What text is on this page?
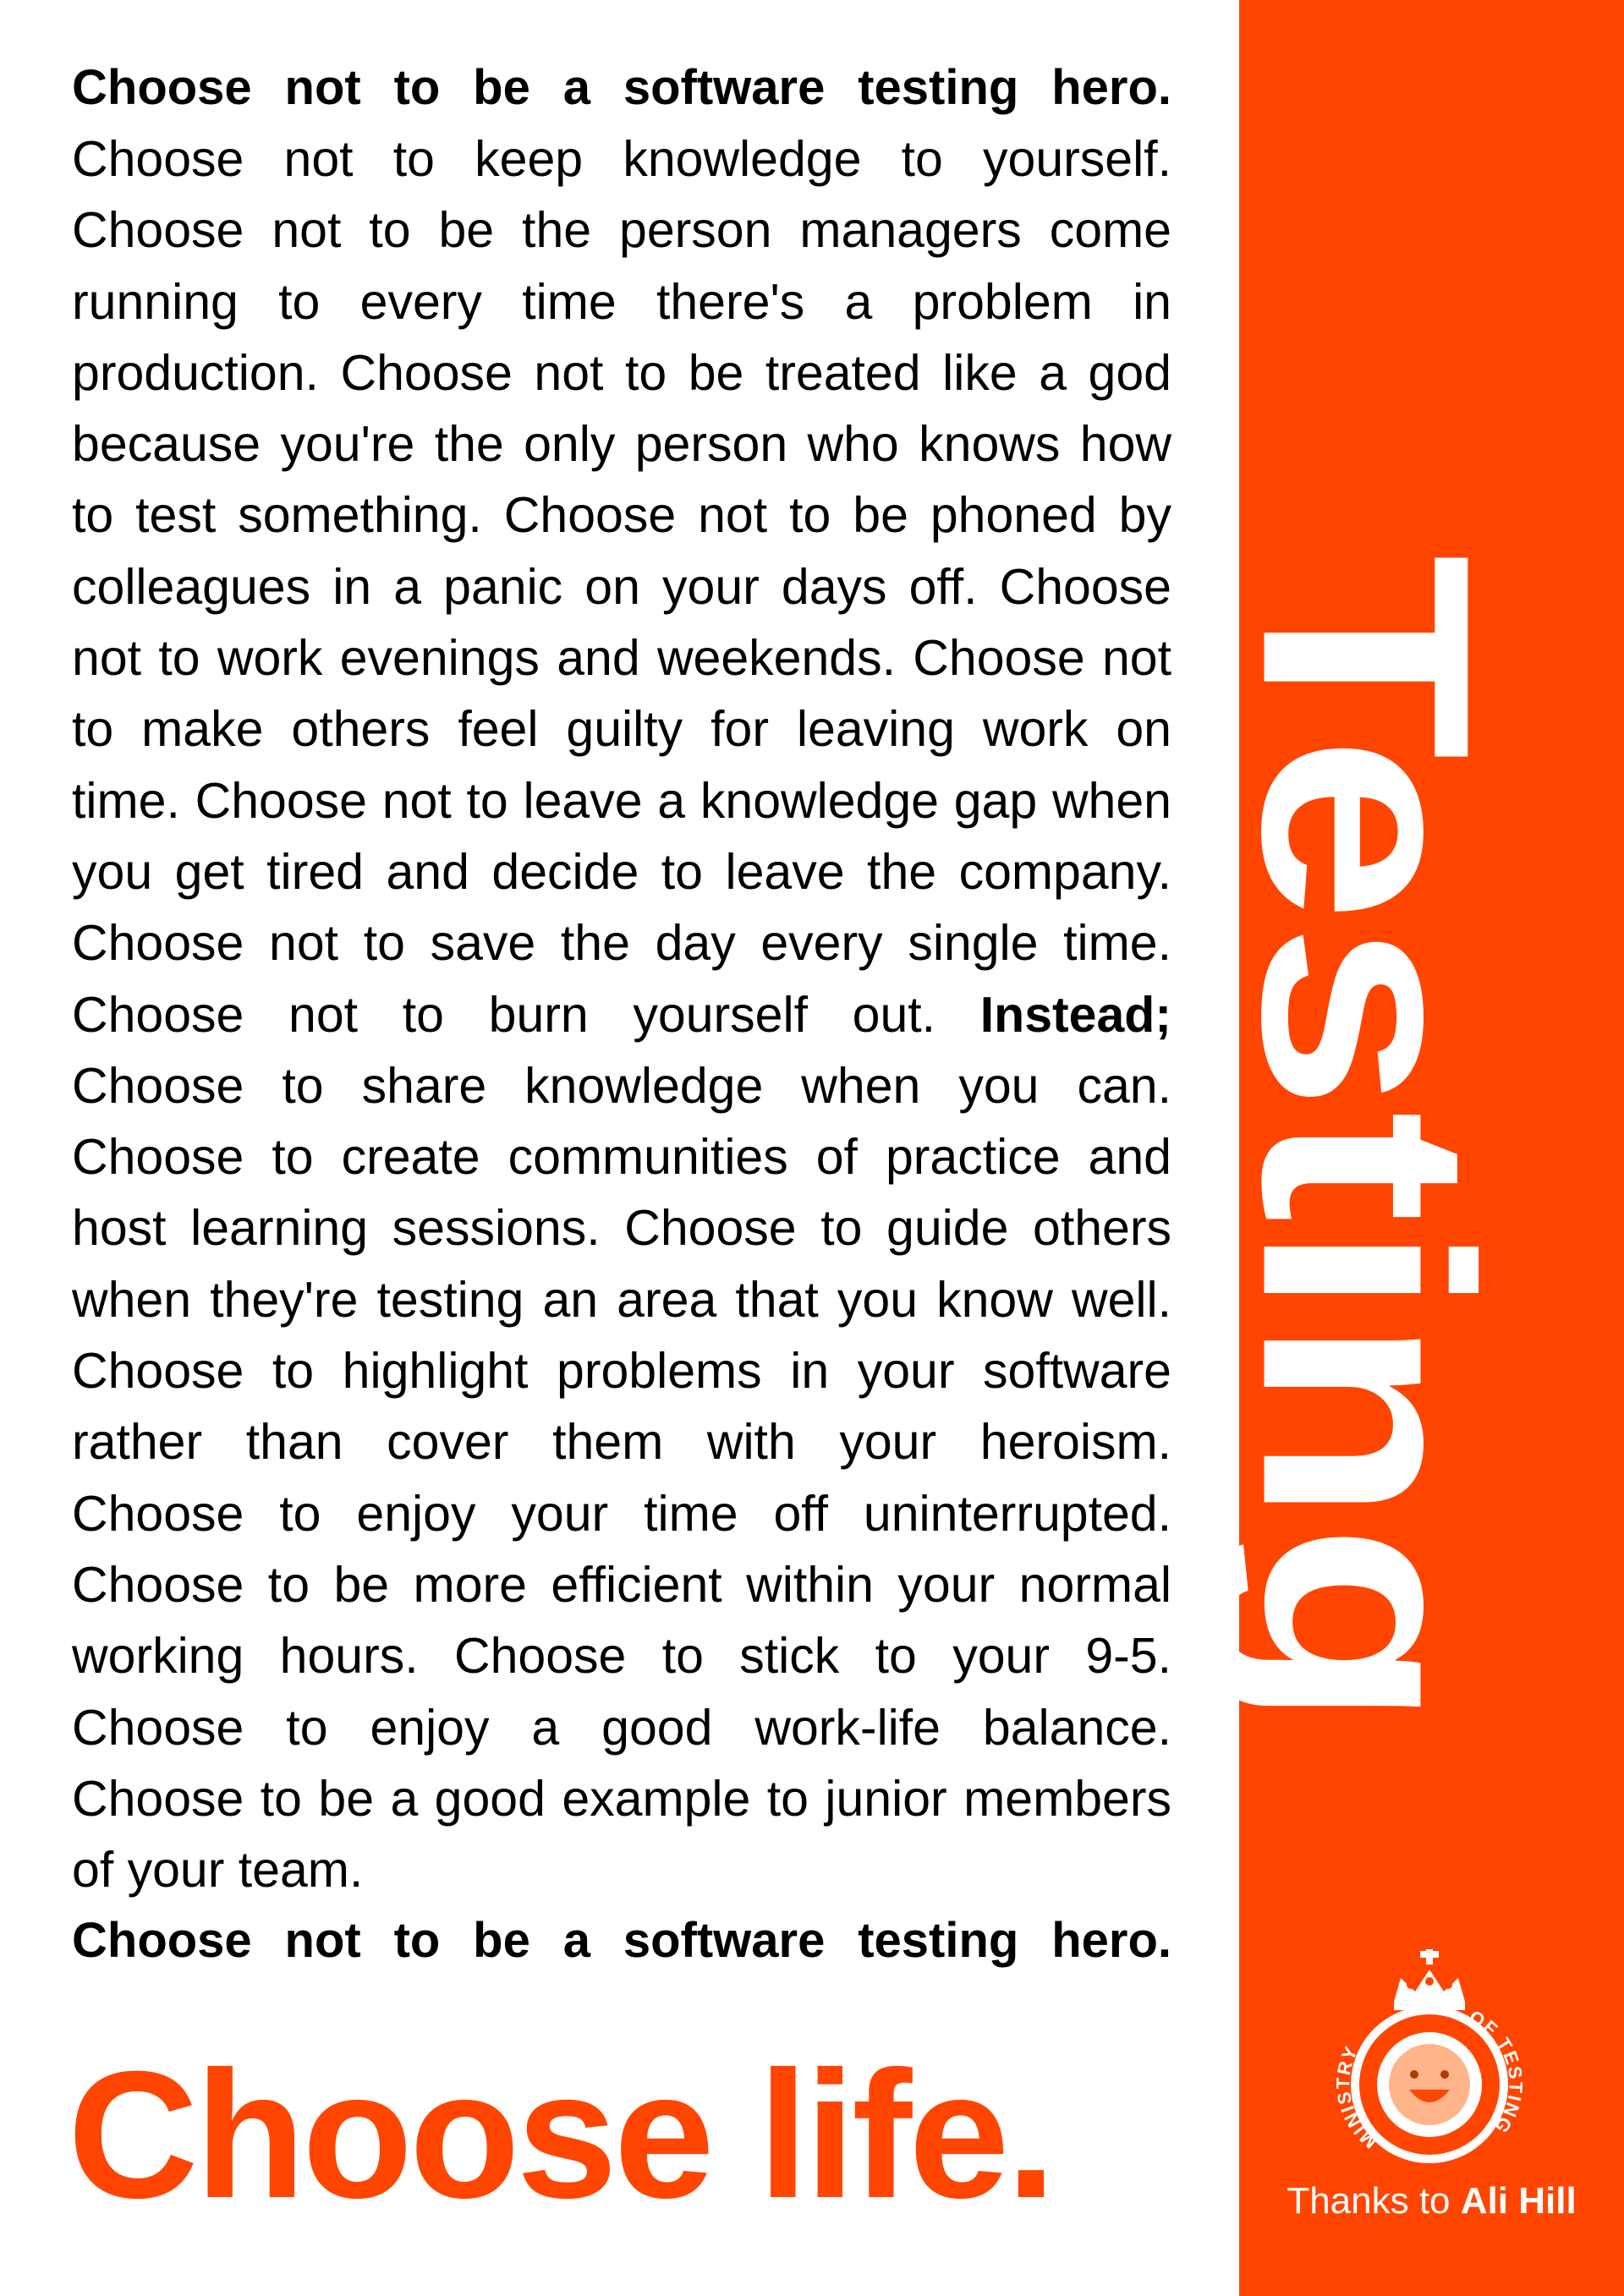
Choose not to be a software testing hero.

Choose not to keep knowledge to yourself. Choose not to be the person managers come running to every time there's a problem in production. Choose not to be treated like a god because you're the only person who knows how to test something. Choose not to be phoned by colleagues in a panic on your days off. Choose not to work evenings and weekends. Choose not to make others feel guilty for leaving work on time. Choose not to leave a knowledge gap when you get tired and decide to leave the company. Choose not to save the day every single time. Choose not to burn yourself out. Instead; Choose to share knowledge when you can. Choose to create communities of practice and host learning sessions. Choose to guide others when they're testing an area that you know well. Choose to highlight problems in your software rather than cover them with your heroism. Choose to enjoy your time off uninterrupted. Choose to be more efficient within your normal working hours. Choose to stick to your 9-5. Choose to enjoy a good work-life balance. Choose to be a good example to junior members of your team.

Choose not to be a software testing hero.

Choose life.
Testing
MINISTRY
OF TESTING
Thanks to Ali Hill
